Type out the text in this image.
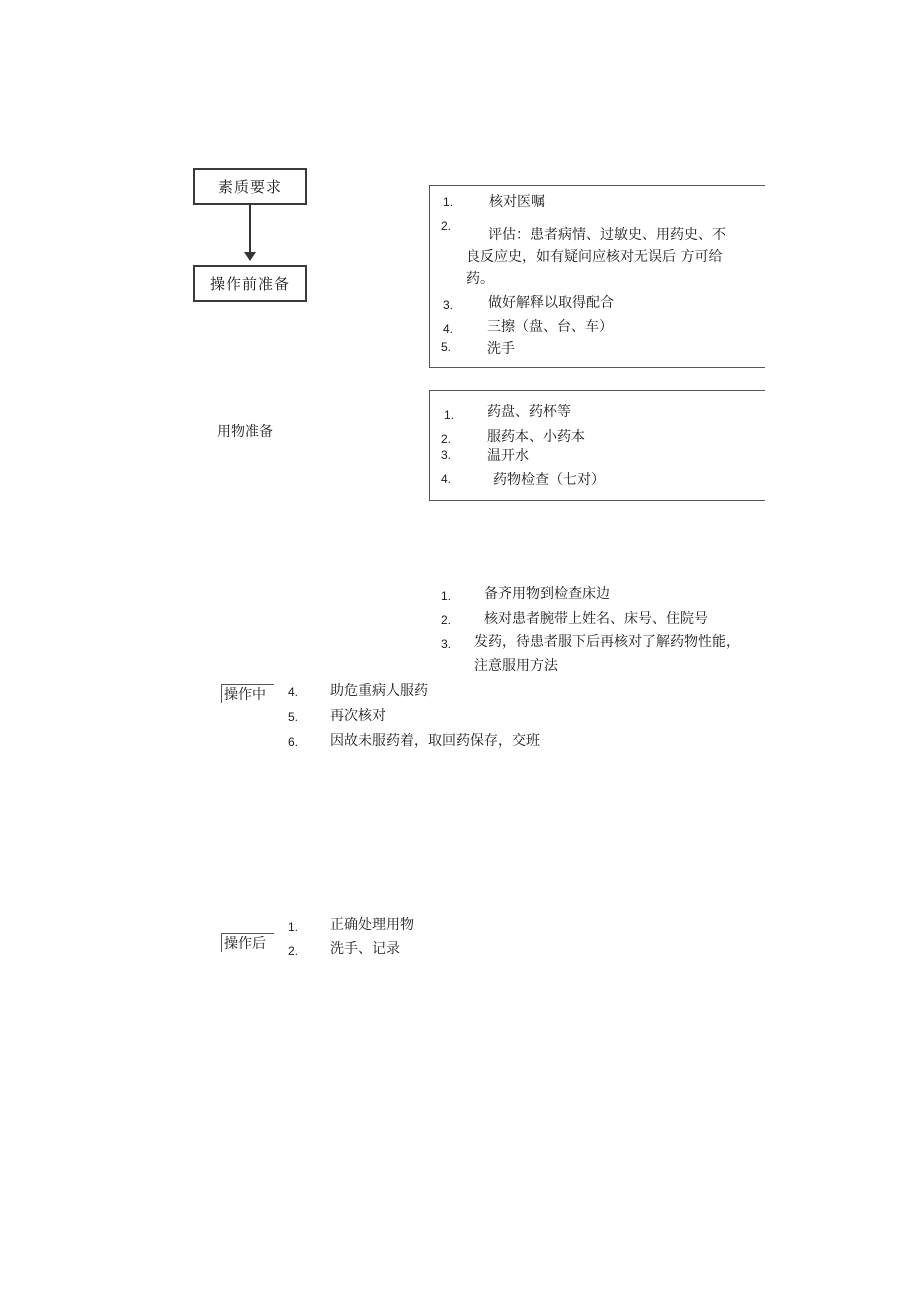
素质要求
操作前准备
1.	核对医嘱
2.
评估：患者病情、过敏史、用药史、不
良反应史，如有疑问应核对无误后 方可给
药。
3. 做好解释以取得配合
4. 三擦（盘、台、车）
5.	洗手
用物准备
1. 药盘、药杯等
2.	服药本、小药本
3.	温开水
4.	药物检查（七对）
1. 备齐用物到检查床边
2. 核对患者腕带上姓名、床号、住院号
3. 发药，待患者服下后再核对了解药物性能，
注意服用方法
操作中 4. 助危重病人服药
5. 再次核对
6. 因故未服药着，取回药保存，交班
1. 正确处理用物
操作后 2. 洗手、记录
